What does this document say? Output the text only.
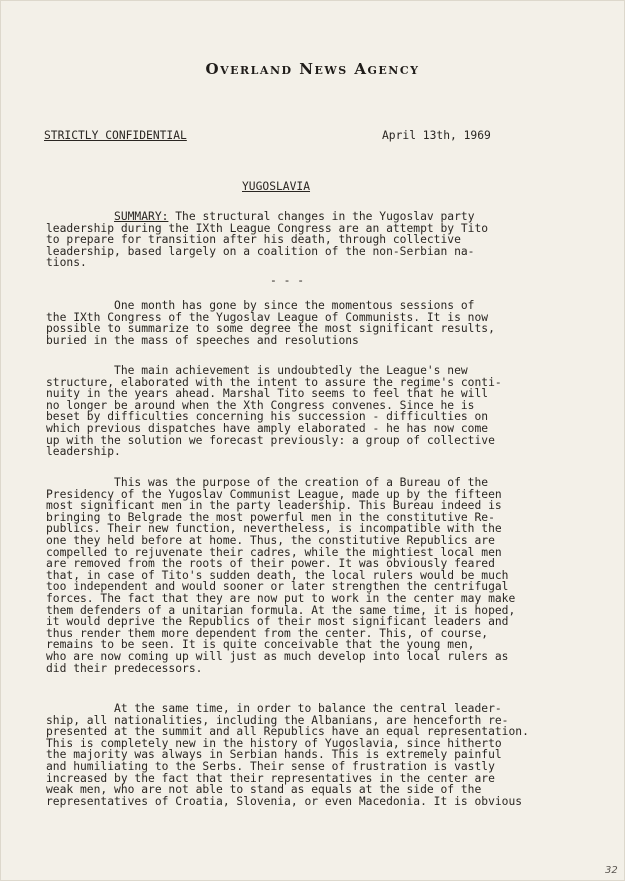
Overland News Agency
STRICTLY CONFIDENTIAL	April 13th, 1969
YUGOSLAVIA
SUMMARY: The structural changes in the Yugoslav party
leadership during the IXth League Congress are an attempt by Tito
to prepare for transition after his death, through collective
leadership, based largely on a coalition of the non-Serbian na-
tions.
- - -
One month has gone by since the momentous sessions of
the IXth Congress of the Yugoslav League of Communists. It is now
possible to summarize to some degree the most significant results,
buried in the mass of speeches and resolutions
The main achievement is undoubtedly the League's new
structure, elaborated with the intent to assure the regime's conti-
nuity in the years ahead. Marshal Tito seems to feel that he will
no longer be around when the Xth Congress convenes. Since he is
beset by difficulties concerning his succession - difficulties on
which previous dispatches have amply elaborated - he has now come
up with the solution we forecast previously: a group of collective
leadership.
This was the purpose of the creation of a Bureau of the
Presidency of the Yugoslav Communist League, made up by the fifteen
most significant men in the party leadership. This Bureau indeed is
bringing to Belgrade the most powerful men in the constitutive Re-
publics. Their new function, nevertheless, is incompatible with the
one they held before at home. Thus, the constitutive Republics are
compelled to rejuvenate their cadres, while the mightiest local men
are removed from the roots of their power. It was obviously feared
that, in case of Tito's sudden death, the local rulers would be much
too independent and would sooner or later strengthen the centrifugal
forces. The fact that they are now put to work in the center may make
them defenders of a unitarian formula. At the same time, it is hoped,
it would deprive the Republics of their most significant leaders and
thus render them more dependent from the center. This, of course,
remains to be seen. It is quite conceivable that the young men,
who are now coming up will just as much develop into local rulers as
did their predecessors.
At the same time, in order to balance the central leader-
ship, all nationalities, including the Albanians, are henceforth re-
presented at the summit and all Republics have an equal representation.
This is completely new in the history of Yugoslavia, since hitherto
the majority was always in Serbian hands. This is extremely painful
and humiliating to the Serbs. Their sense of frustration is vastly
increased by the fact that their representatives in the center are
weak men, who are not able to stand as equals at the side of the
representatives of Croatia, Slovenia, or even Macedonia. It is obvious
32
